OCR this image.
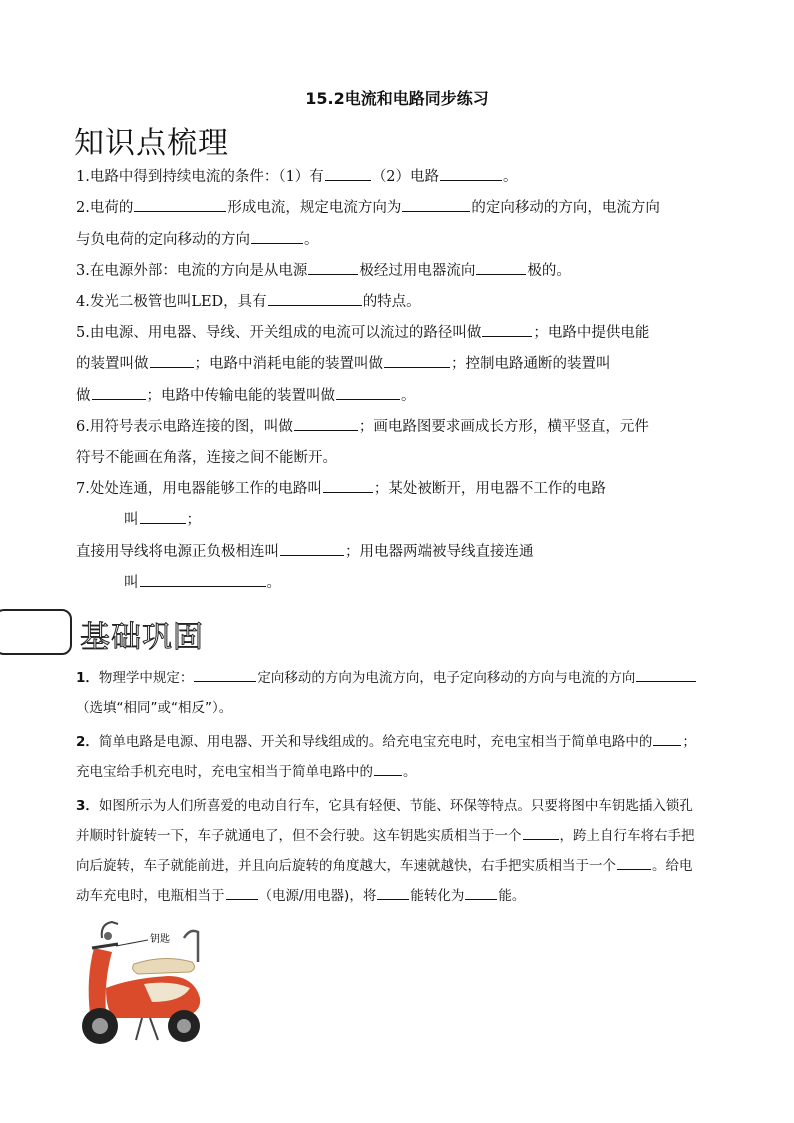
15.2电流和电路同步练习
知识点梳理
1.电路中得到持续电流的条件：（1）有	（2）电路	。
2.电荷的	形成电流，规定电流方向为	的定向移动的方向，电流方向
与负电荷的定向移动的方向	。
3.在电源外部：电流的方向是从电源	极经过用电器流向	极的。
4.发光二极管也叫LED，具有	的特点。
5.由电源、用电器、导线、开关组成的电流可以流过的路径叫做	；电路中提供电能
的装置叫做	；电路中消耗电能的装置叫做	；控制电路通断的装置叫
做	；电路中传输电能的装置叫做	。
6.用符号表示电路连接的图，叫做	；画电路图要求画成长方形，横平竖直，元件
符号不能画在角落，连接之间不能断开。
7.处处连通，用电器能够工作的电路叫	；某处被断开，用电器不工作的电路
叫	；
直接用导线将电源正负极相连叫	；用电器两端被导线直接连通
叫	。
基础巩固
1．物理学中规定：	定向移动的方向为电流方向，电子定向移动的方向与电流的方向
（选填“相同”或“相反”）。
2．简单电路是电源、用电器、开关和导线组成的。给充电宝充电时，充电宝相当于简单电路中的 ；
充电宝给手机充电时，充电宝相当于简单电路中的 。
3．如图所示为人们所喜爱的电动自行车，它具有轻便、节能、环保等特点。只要将图中车钥匙插入锁孔
并顺时针旋转一下，车子就通电了，但不会行驶。这车钥匙实质相当于一个	，跨上自行车将右手把
向后旋转，车子就能前进，并且向后旋转的角度越大，车速就越快，右手把实质相当于一个	。给电
动车充电时，电瓶相当于	（电源/用电器)，将	能转化为	能。
钥匙
